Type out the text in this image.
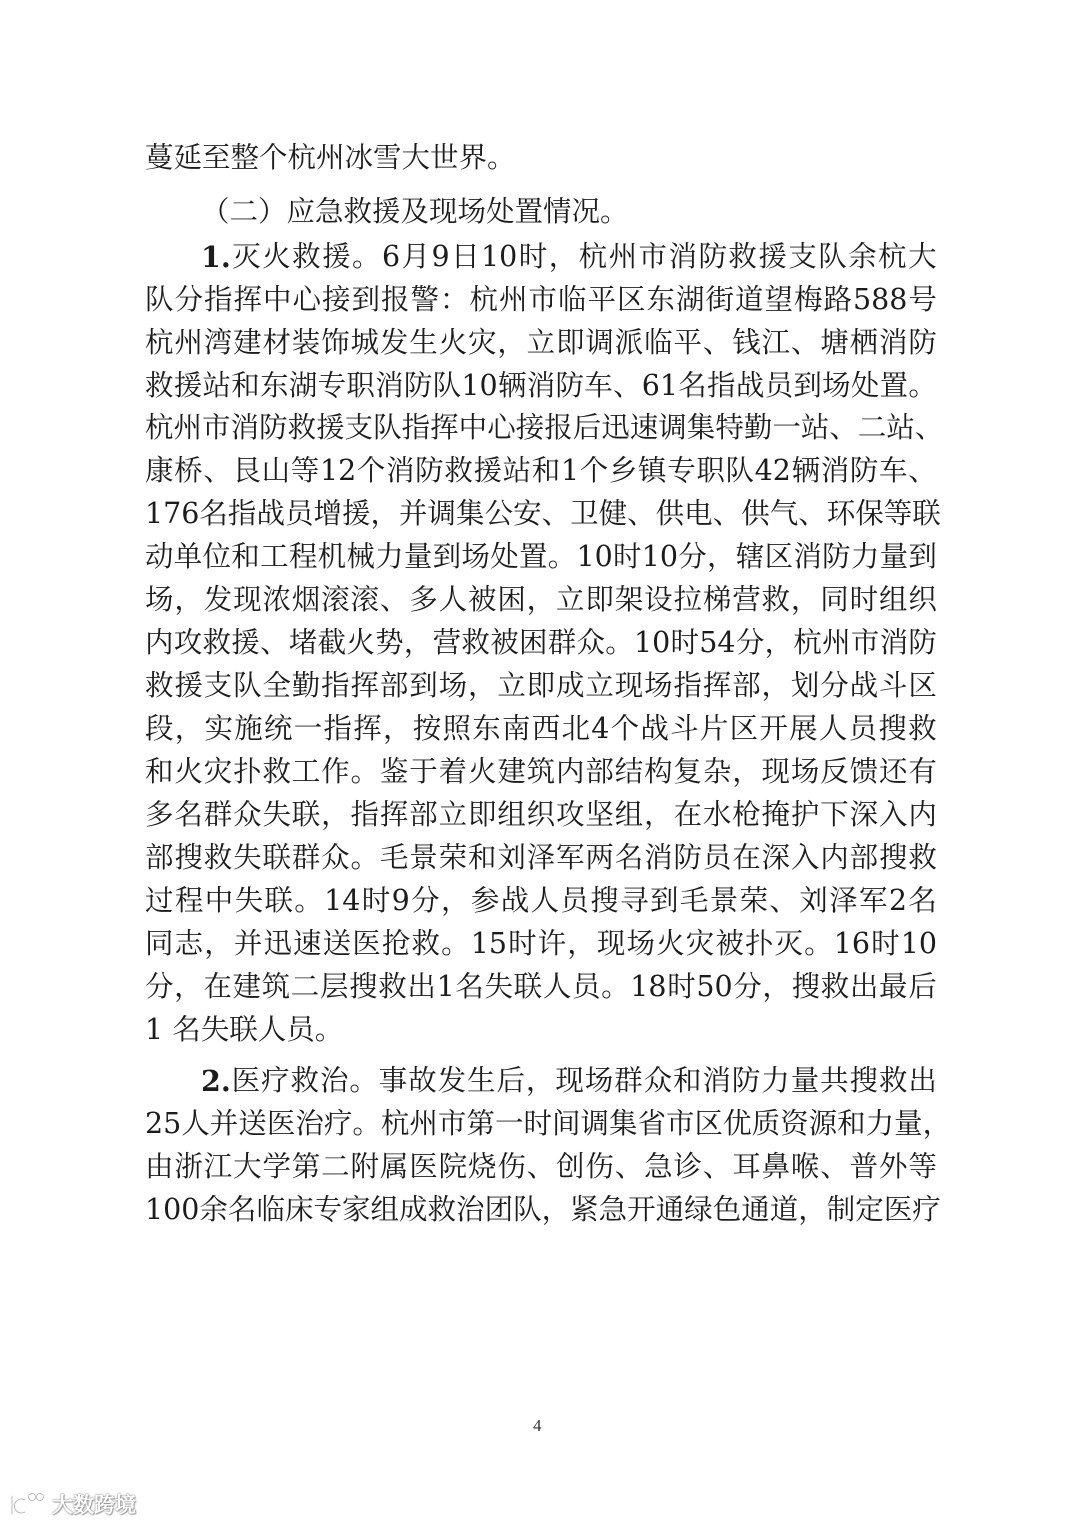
蔓延至整个杭州冰雪大世界。
（二）应急救援及现场处置情况。
1. 灭 火 救 援 。 6 月 9 日 10 时 ， 杭 州 市 消 防 救 援 支 队 余 杭 大
队 分 指 挥 中 心 接 到 报 警 ： 杭 州 市 临 平 区 东 湖 街 道 望 梅 路 588 号
杭 州 湾 建 材 装 饰 城 发 生 火 灾 ， 立 即 调 派 临 平 、 钱 江 、 塘 栖 消 防
救 援 站 和 东 湖 专 职 消 防 队 10 辆 消 防 车 、 61 名 指 战 员 到 场 处 置 。
杭 州 市 消 防 救 援 支 队 指 挥 中 心 接 报 后 迅 速 调 集 特 勤 一 站 、 二 站 、
康 桥 、 艮 山 等 12 个 消 防 救 援 站 和 1 个 乡 镇 专 职 队 42 辆 消 防 车 、
176 名 指 战 员 增 援 ， 并 调 集 公 安 、 卫 健 、 供 电 、 供 气 、 环 保 等 联
动 单 位 和 工 程 机 械 力 量 到 场 处 置 。 10 时 10 分 ， 辖 区 消 防 力 量 到
场 ， 发 现 浓 烟 滚 滚 、 多 人 被 困 ， 立 即 架 设 拉 梯 营 救 ， 同 时 组 织
内 攻 救 援 、 堵 截 火 势 ， 营 救 被 困 群 众 。 10 时 54 分 ， 杭 州 市 消 防
救 援 支 队 全 勤 指 挥 部 到 场 ， 立 即 成 立 现 场 指 挥 部 ， 划 分 战 斗 区
段 ， 实 施 统 一 指 挥 ， 按 照 东 南 西 北 4 个 战 斗 片 区 开 展 人 员 搜 救
和 火 灾 扑 救 工 作 。 鉴 于 着 火 建 筑 内 部 结 构 复 杂 ， 现 场 反 馈 还 有
多 名 群 众 失 联 ， 指 挥 部 立 即 组 织 攻 坚 组 ， 在 水 枪 掩 护 下 深 入 内
部 搜 救 失 联 群 众 。 毛 景 荣 和 刘 泽 军 两 名 消 防 员 在 深 入 内 部 搜 救
过 程 中 失 联 。 14 时 9 分 ， 参 战 人 员 搜 寻 到 毛 景 荣 、 刘 泽 军 2 名
同 志 ， 并 迅 速 送 医 抢 救 。 15 时 许 ， 现 场 火 灾 被 扑 灭 。 16 时 10
分 ， 在 建 筑 二 层 搜 救 出 1 名 失 联 人 员 。 18 时 50 分 ， 搜 救 出 最 后
1 名失联人员。
2. 医 疗 救 治 。 事 故 发 生 后 ， 现 场 群 众 和 消 防 力 量 共 搜 救 出
25 人 并 送 医 治 疗 。 杭 州 市 第 一 时 间 调 集 省 市 区 优 质 资 源 和 力 量 ，
由 浙 江 大 学 第 二 附 属 医 院 烧 伤 、 创 伤 、 急 诊 、 耳 鼻 喉 、 普 外 等
100 余 名 临 床 专 家 组 成 救 治 团 队 ， 紧 急 开 通 绿 色 通 道 ， 制 定 医 疗
4
大数跨境
